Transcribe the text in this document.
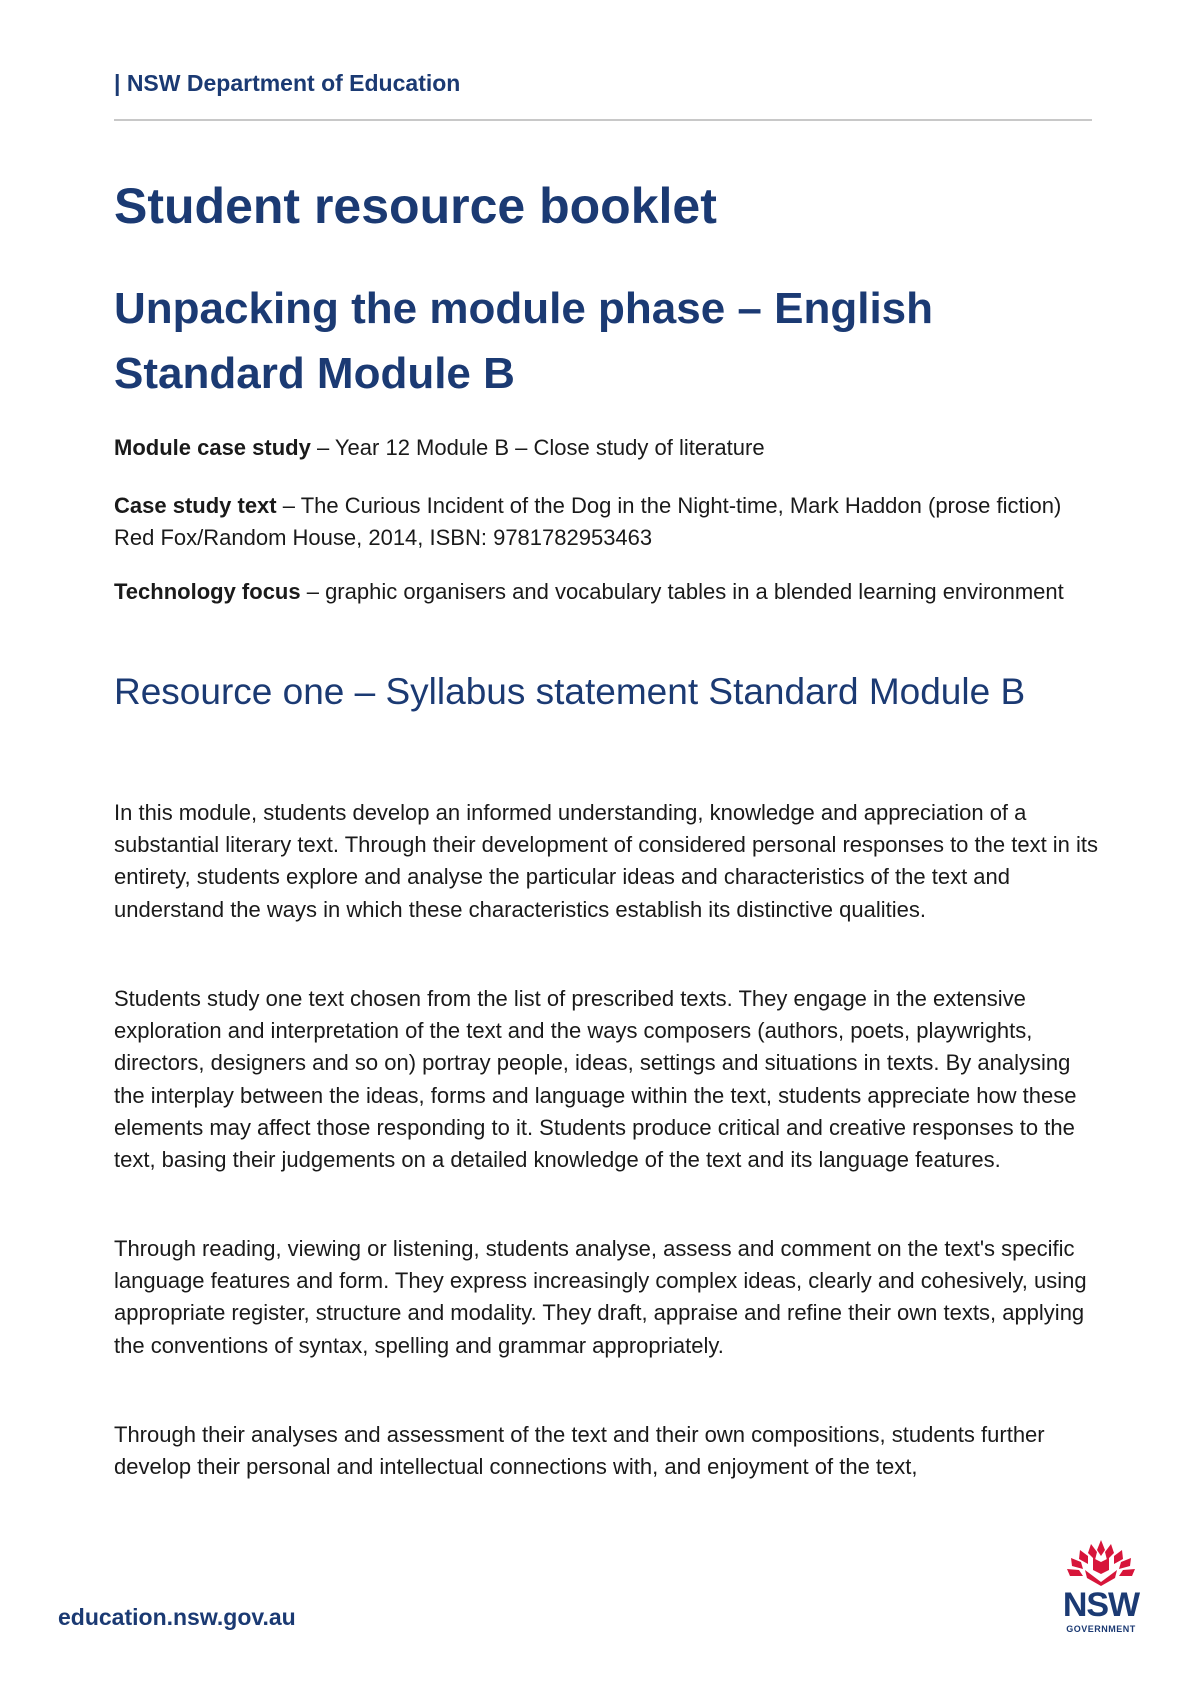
| NSW Department of Education

Student resource booklet
Unpacking the module phase – English Standard Module B

Module case study – Year 12 Module B – Close study of literature

Case study text – The Curious Incident of the Dog in the Night-time, Mark Haddon (prose fiction) Red Fox/Random House, 2014, ISBN: 9781782953463

Technology focus – graphic organisers and vocabulary tables in a blended learning environment

Resource one – Syllabus statement Standard Module B

In this module, students develop an informed understanding, knowledge and appreciation of a substantial literary text. Through their development of considered personal responses to the text in its entirety, students explore and analyse the particular ideas and characteristics of the text and understand the ways in which these characteristics establish its distinctive qualities.

Students study one text chosen from the list of prescribed texts. They engage in the extensive exploration and interpretation of the text and the ways composers (authors, poets, playwrights, directors, designers and so on) portray people, ideas, settings and situations in texts. By analysing the interplay between the ideas, forms and language within the text, students appreciate how these elements may affect those responding to it. Students produce critical and creative responses to the text, basing their judgements on a detailed knowledge of the text and its language features.

Through reading, viewing or listening, students analyse, assess and comment on the text's specific language features and form. They express increasingly complex ideas, clearly and cohesively, using appropriate register, structure and modality. They draft, appraise and refine their own texts, applying the conventions of syntax, spelling and grammar appropriately.

Through their analyses and assessment of the text and their own compositions, students further develop their personal and intellectual connections with, and enjoyment of the text,

education.nsw.gov.au	NSW

GOVERNMENT
